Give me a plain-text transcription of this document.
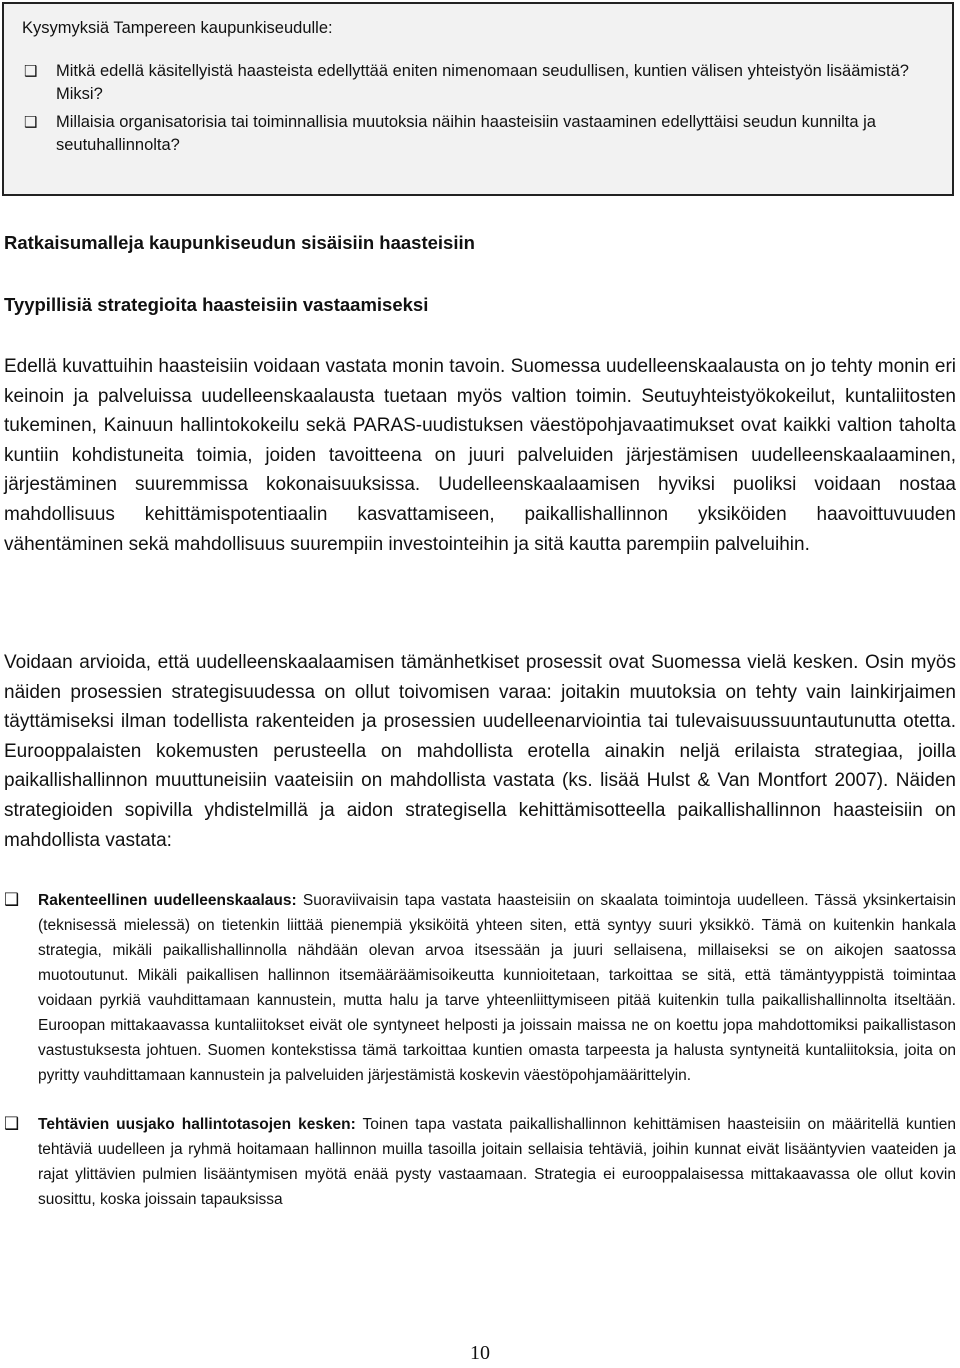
Kysymyksiä Tampereen kaupunkiseudulle:
❑ Mitkä edellä käsitellyistä haasteista edellyttää eniten nimenomaan seudullisen, kuntien välisen yhteistyön lisäämistä? Miksi?
❑ Millaisia organisatorisia tai toiminnallisia muutoksia näihin haasteisiin vastaaminen edellyttäisi seudun kunnilta ja seutuhallinnolta?
Ratkaisumalleja kaupunkiseudun sisäisiin haasteisiin
Tyypillisiä strategioita haasteisiin vastaamiseksi

Edellä kuvattuihin haasteisiin voidaan vastata monin tavoin. Suomessa uudelleenskaalausta on jo tehty monin eri keinoin ja palveluissa uudelleenskaalausta tuetaan myös valtion toimin. Seutuyhteistyökokeilut, kuntaliitosten tukeminen, Kainuun hallintokokeilu sekä PARAS-uudistuksen väestöpohjavaatimukset ovat kaikki valtion taholta kuntiin kohdistuneita toimia, joiden tavoitteena on juuri palveluiden järjestämisen uudelleenskaalaaminen, järjestäminen suuremmissa kokonaisuuksissa. Uudelleenskaalaamisen hyviksi puoliksi voidaan nostaa mahdollisuus kehittämispotentiaalin kasvattamiseen, paikallishallinnon yksiköiden haavoittuvuuden vähentäminen sekä mahdollisuus suurempiin investointeihin ja sitä kautta parempiin palveluihin.

Voidaan arvioida, että uudelleenskaalaamisen tämänhetkiset prosessit ovat Suomessa vielä kesken. Osin myös näiden prosessien strategisuudessa on ollut toivomisen varaa: joitakin muutoksia on tehty vain lainkirjaimen täyttämiseksi ilman todellista rakenteiden ja prosessien uudelleenarviointia tai tulevaisuussuuntautunutta otetta. Eurooppalaisten kokemusten perusteella on mahdollista erotella ainakin neljä erilaista strategiaa, joilla paikallishallinnon muuttuneisiin vaateisiin on mahdollista vastata (ks. lisää Hulst & Van Montfort 2007). Näiden strategioiden sopivilla yhdistelmillä ja aidon strategisella kehittämisotteella paikallishallinnon haasteisiin on mahdollista vastata:

❑ Rakenteellinen uudelleenskaalaus: Suoraviivaisin tapa vastata haasteisiin on skaalata toimintoja uudelleen. Tässä yksinkertaisin (teknisessä mielessä) on tietenkin liittää pienempiä yksiköitä yhteen siten, että syntyy suuri yksikkö. Tämä on kuitenkin hankala strategia, mikäli paikallishallinnolla nähdään olevan arvoa itsessään ja juuri sellaisena, millaiseksi se on aikojen saatossa muotoutunut. Mikäli paikallisen hallinnon itsemääräämisoikeutta kunnioitetaan, tarkoittaa se sitä, että tämäntyyppistä toimintaa voidaan pyrkiä vauhdittamaan kannustein, mutta halu ja tarve yhteenliittymiseen pitää kuitenkin tulla paikallishallinnolta itseltään. Euroopan mittakaavassa kuntaliitokset eivät ole syntyneet helposti ja joissain maissa ne on koettu jopa mahdottomiksi paikallistason vastustuksesta johtuen. Suomen kontekstissa tämä tarkoittaa kuntien omasta tarpeesta ja halusta syntyneitä kuntaliitoksia, joita on pyritty vauhdittamaan kannustein ja palveluiden järjestämistä koskevin väestöpohjamäärittelyin.
❑ Tehtävien uusjako hallintotasojen kesken: Toinen tapa vastata paikallishallinnon kehittämisen haasteisiin on määritellä kuntien tehtäviä uudelleen ja ryhmä hoitamaan hallinnon muilla tasoilla joitain sellaisia tehtäviä, joihin kunnat eivät lisääntyvien vaateiden ja rajat ylittävien pulmien lisääntymisen myötä enää pysty vastaamaan. Strategia ei eurooppalaisessa mittakaavassa ole ollut kovin suosittu, koska joissain tapauksissa
10
